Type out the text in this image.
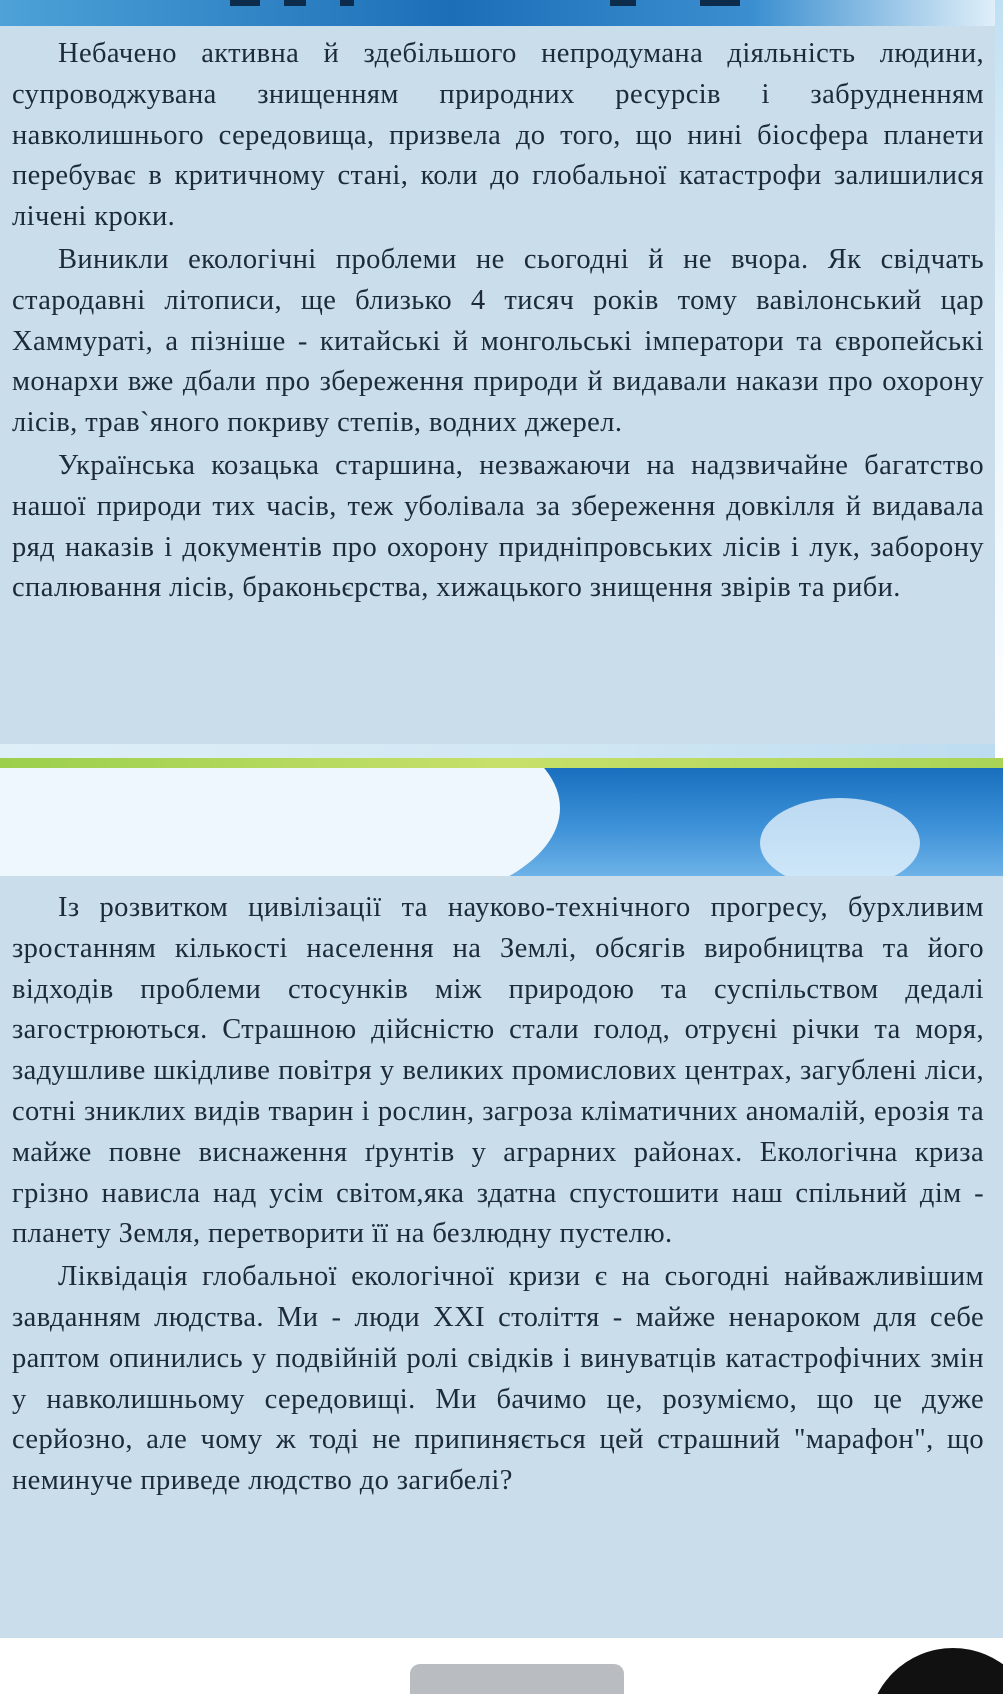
Небачено активна й здебільшого непродумана діяльність людини, супроводжувана знищенням природних ресурсів і забрудненням навколишнього середовища, призвела до того, що нині біосфера планети перебуває в критичному стані, коли до глобальної катастрофи залишилися лічені кроки.

Виникли екологічні проблеми не сьогодні й не вчора. Як свідчать стародавні літописи, ще близько 4 тисяч років тому вавілонський цар Хаммураті, а пізніше - китайські й монгольські імператори та європейські монархи вже дбали про збереження природи й видавали накази про охорону лісів, трав`яного покриву степів, водних джерел.

Українська козацька старшина, незважаючи на надзвичайне багатство нашої природи тих часів, теж уболівала за збереження довкілля й видавала ряд наказів і документів про охорону придніпровських лісів і лук, заборону спалювання лісів, браконьєрства, хижацького знищення звірів та риби.

Із розвитком цивілізації та науково-технічного прогресу, бурхливим зростанням кількості населення на Землі, обсягів виробництва та його відходів проблеми стосунків між природою та суспільством дедалі загострюються. Страшною дійсністю стали голод, отруєні річки та моря, задушливе шкідливе повітря у великих промислових центрах, загублені ліси, сотні зниклих видів тварин і рослин, загроза кліматичних аномалій, ерозія та майже повне виснаження ґрунтів у аграрних районах. Екологічна криза грізно нависла над усім світом,яка здатна спустошити наш спільний дім - планету Земля, перетворити її на безлюдну пустелю.

Ліквідація глобальної екологічної кризи є на сьогодні найважливішим завданням людства. Ми - люди XXI століття - майже ненароком для себе раптом опинились у подвійній ролі свідків і винуватців катастрофічних змін у навколишньому середовищі. Ми бачимо це, розуміємо, що це дуже серйозно, але чому ж тоді не припиняється цей страшний "марафон", що неминуче приведе людство до загибелі?
